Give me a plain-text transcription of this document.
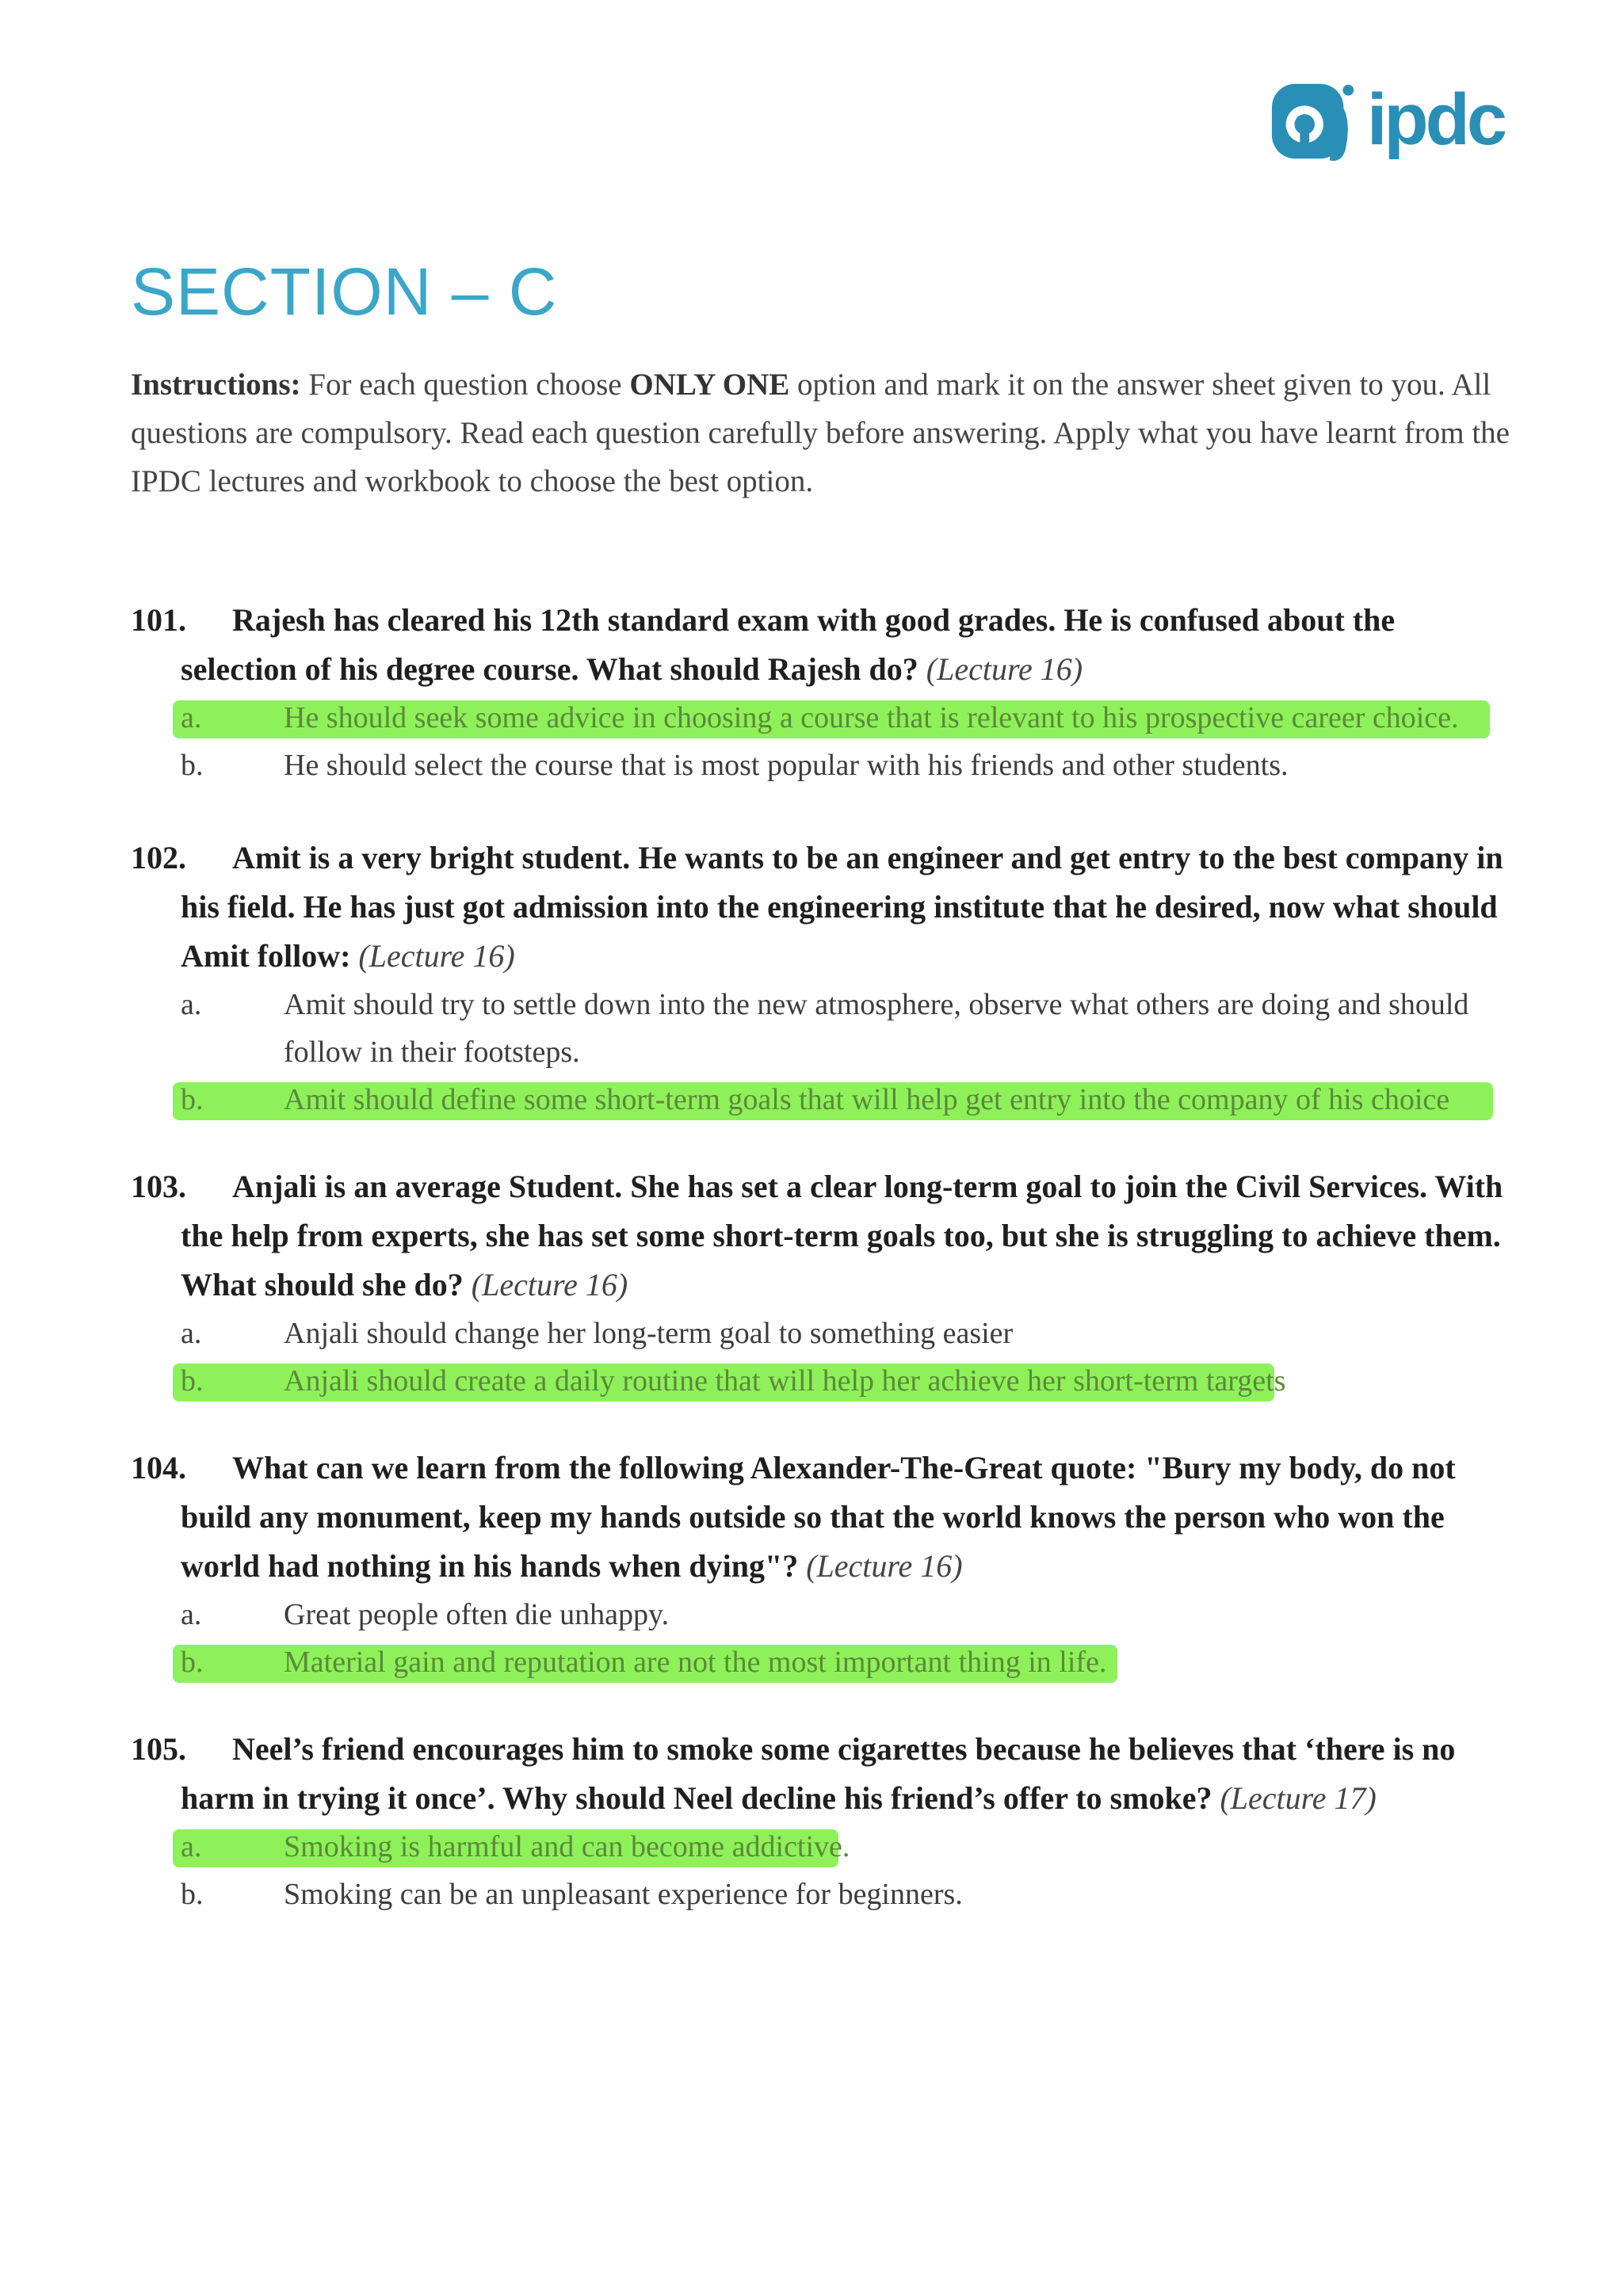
ipdc
SECTION – C

Instructions: For each question choose ONLY ONE option and mark it on the answer sheet given to you. All questions are compulsory. Read each question carefully before answering. Apply what you have learnt from the IPDC lectures and workbook to choose the best option.

101. Rajesh has cleared his 12th standard exam with good grades. He is confused about the selection of his degree course. What should Rajesh do? (Lecture 16)

a.	He should seek some advice in choosing a course that is relevant to his prospective career choice.
b.	He should select the course that is most popular with his friends and other students.

102. Amit is a very bright student. He wants to be an engineer and get entry to the best company in his field. He has just got admission into the engineering institute that he desired, now what should Amit follow: (Lecture 16)

a.	Amit should try to settle down into the new atmosphere, observe what others are doing and should follow in their footsteps.
b.	Amit should define some short-term goals that will help get entry into the company of his choice

103. Anjali is an average Student. She has set a clear long-term goal to join the Civil Services. With the help from experts, she has set some short-term goals too, but she is struggling to achieve them. What should she do? (Lecture 16)

a.	Anjali should change her long-term goal to something easier
b.	Anjali should create a daily routine that will help her achieve her short-term targets

104. What can we learn from the following Alexander-The-Great quote: "Bury my body, do not build any monument, keep my hands outside so that the world knows the person who won the world had nothing in his hands when dying"? (Lecture 16)

a.	Great people often die unhappy.
b.	Material gain and reputation are not the most important thing in life.

105. Neel’s friend encourages him to smoke some cigarettes because he believes that ‘there is no harm in trying it once’. Why should Neel decline his friend’s offer to smoke? (Lecture 17)

a.	Smoking is harmful and can become addictive.
b.	Smoking can be an unpleasant experience for beginners.
